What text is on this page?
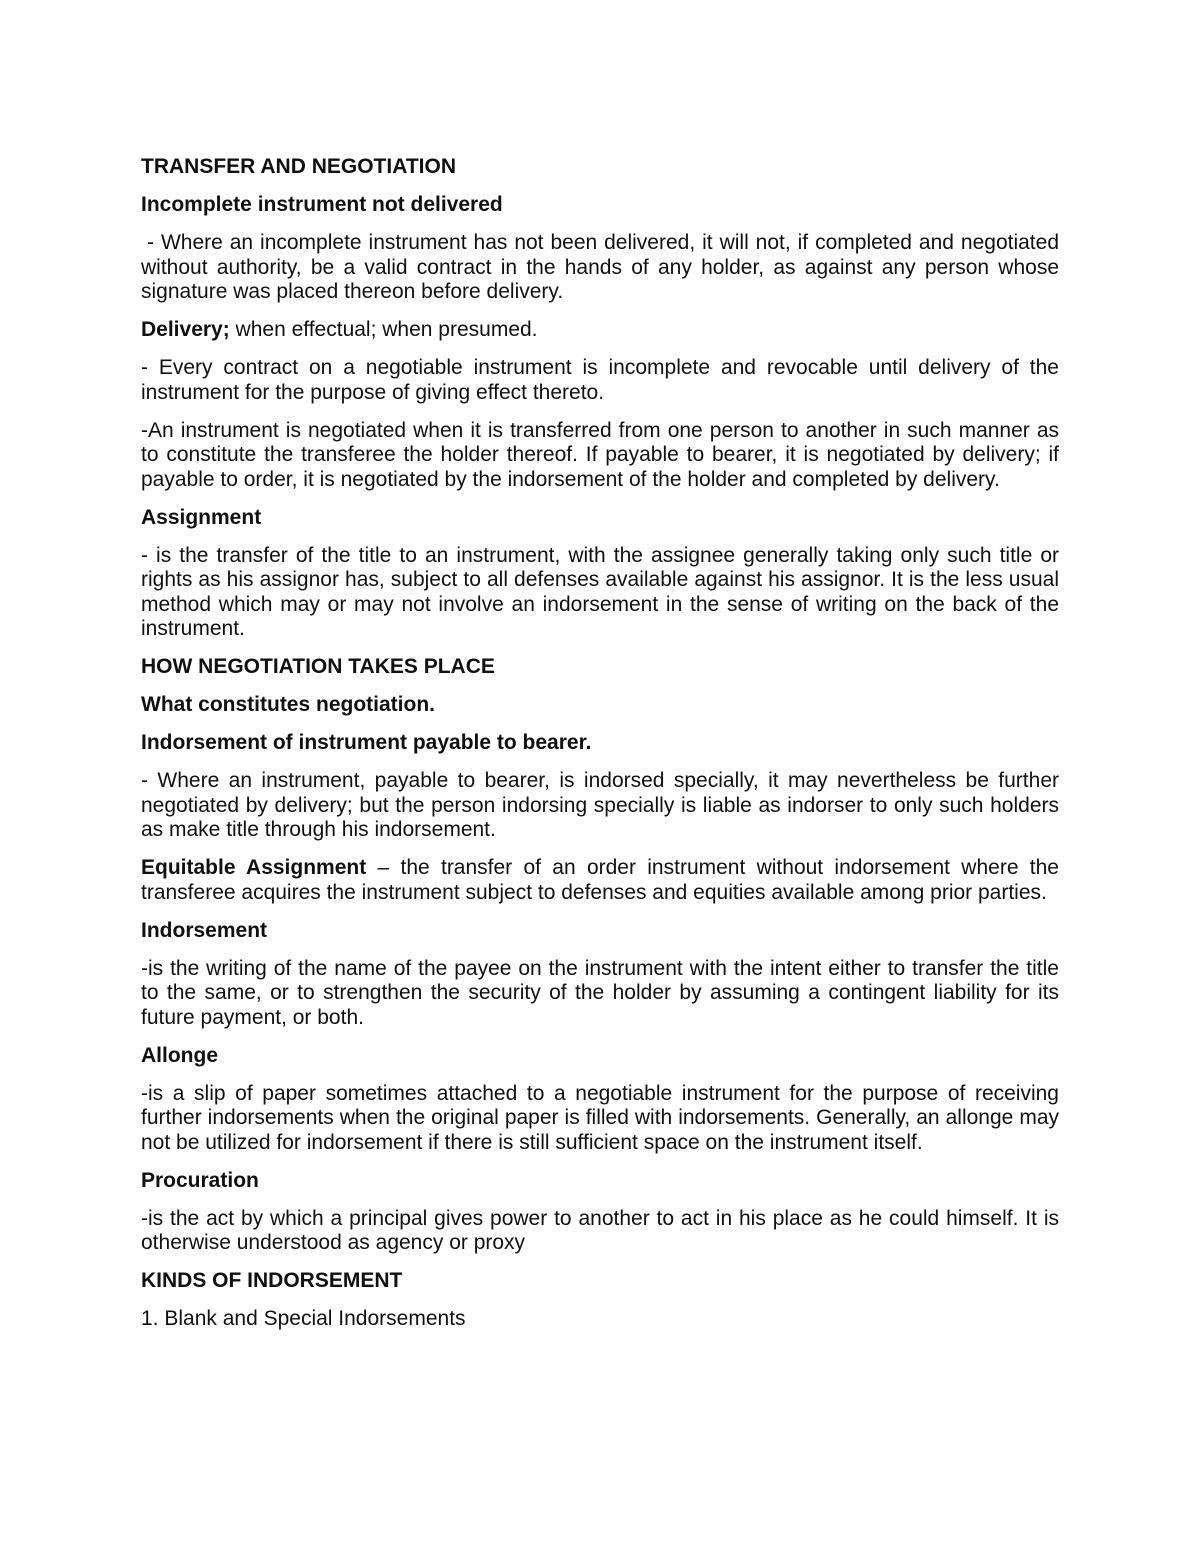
TRANSFER AND NEGOTIATION
Incomplete instrument not delivered
- Where an incomplete instrument has not been delivered, it will not, if completed and negotiated without authority, be a valid contract in the hands of any holder, as against any person whose signature was placed thereon before delivery.
Delivery; when effectual; when presumed.
- Every contract on a negotiable instrument is incomplete and revocable until delivery of the instrument for the purpose of giving effect thereto.
-An instrument is negotiated when it is transferred from one person to another in such manner as to constitute the transferee the holder thereof. If payable to bearer, it is negotiated by delivery; if payable to order, it is negotiated by the indorsement of the holder and completed by delivery.
Assignment
- is the transfer of the title to an instrument, with the assignee generally taking only such title or rights as his assignor has, subject to all defenses available against his assignor. It is the less usual method which may or may not involve an indorsement in the sense of writing on the back of the instrument.
HOW NEGOTIATION TAKES PLACE
What constitutes negotiation.
Indorsement of instrument payable to bearer.
- Where an instrument, payable to bearer, is indorsed specially, it may nevertheless be further negotiated by delivery; but the person indorsing specially is liable as indorser to only such holders as make title through his indorsement.
Equitable Assignment – the transfer of an order instrument without indorsement where the transferee acquires the instrument subject to defenses and equities available among prior parties.
Indorsement
-is the writing of the name of the payee on the instrument with the intent either to transfer the title to the same, or to strengthen the security of the holder by assuming a contingent liability for its future payment, or both.
Allonge
-is a slip of paper sometimes attached to a negotiable instrument for the purpose of receiving further indorsements when the original paper is filled with indorsements. Generally, an allonge may not be utilized for indorsement if there is still sufficient space on the instrument itself.
Procuration
-is the act by which a principal gives power to another to act in his place as he could himself. It is otherwise understood as agency or proxy
KINDS OF INDORSEMENT
1. Blank and Special Indorsements
